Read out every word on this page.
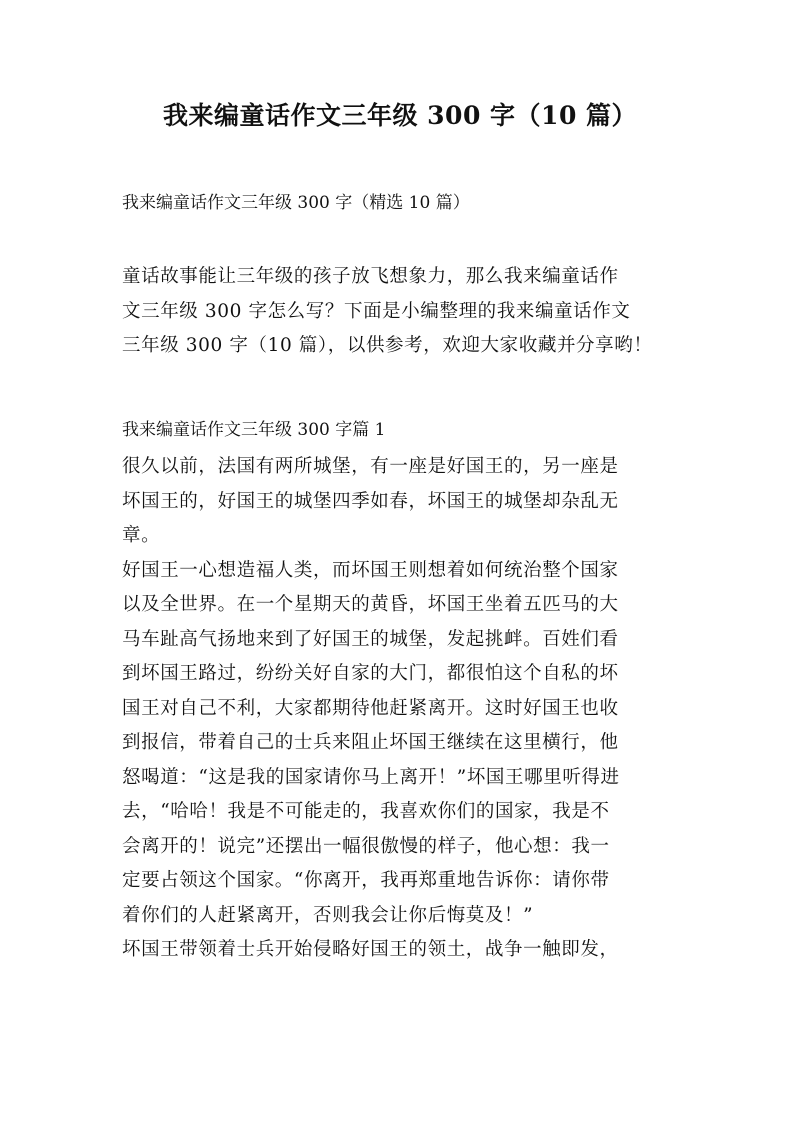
我来编童话作文三年级 300 字（10 篇）
我来编童话作文三年级 300 字（精选 10 篇）
童话故事能让三年级的孩子放飞想象力，那么我来编童话作
文三年级 300 字怎么写？下面是小编整理的我来编童话作文
三年级 300 字（10 篇），以供参考，欢迎大家收藏并分享哟！
我来编童话作文三年级 300 字篇 1
很久以前，法国有两所城堡，有一座是好国王的，另一座是
坏国王的，好国王的城堡四季如春，坏国王的城堡却杂乱无
章。
好国王一心想造福人类，而坏国王则想着如何统治整个国家
以及全世界。在一个星期天的黄昏，坏国王坐着五匹马的大
马车趾高气扬地来到了好国王的城堡，发起挑衅。百姓们看
到坏国王路过，纷纷关好自家的大门，都很怕这个自私的坏
国王对自己不利，大家都期待他赶紧离开。这时好国王也收
到报信，带着自己的士兵来阻止坏国王继续在这里横行，他
怒喝道：“这是我的国家请你马上离开！”坏国王哪里听得进
去，“哈哈！我是不可能走的，我喜欢你们的国家，我是不
会离开的！说完”还摆出一幅很傲慢的样子，他心想：我一
定要占领这个国家。“你离开，我再郑重地告诉你：请你带
着你们的人赶紧离开，否则我会让你后悔莫及！”
坏国王带领着士兵开始侵略好国王的领土，战争一触即发，
